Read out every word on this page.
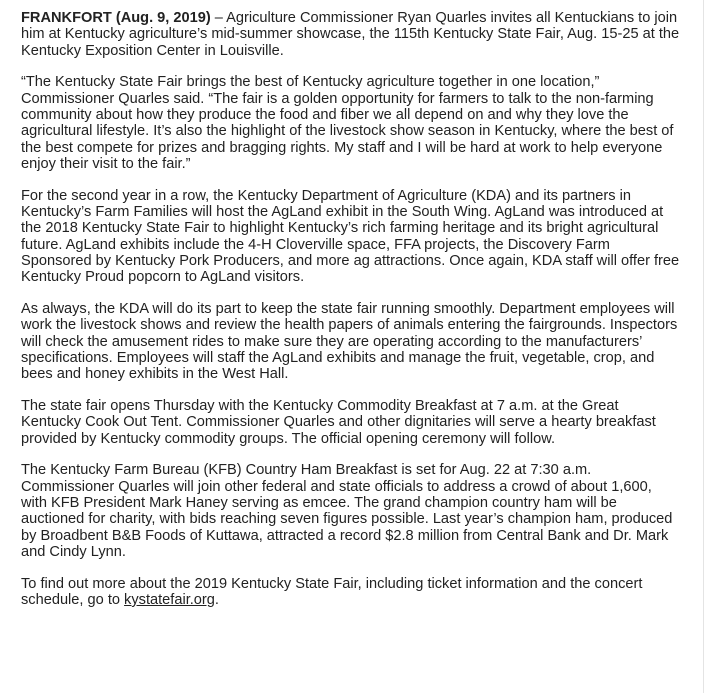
FRANKFORT (Aug. 9, 2019) – Agriculture Commissioner Ryan Quarles invites all Kentuckians to join him at Kentucky agriculture’s mid-summer showcase, the 115th Kentucky State Fair, Aug. 15-25 at the Kentucky Exposition Center in Louisville.

“The Kentucky State Fair brings the best of Kentucky agriculture together in one location,” Commissioner Quarles said. “The fair is a golden opportunity for farmers to talk to the non-farming community about how they produce the food and fiber we all depend on and why they love the agricultural lifestyle. It’s also the highlight of the livestock show season in Kentucky, where the best of the best compete for prizes and bragging rights. My staff and I will be hard at work to help everyone enjoy their visit to the fair.”

For the second year in a row, the Kentucky Department of Agriculture (KDA) and its partners in Kentucky’s Farm Families will host the AgLand exhibit in the South Wing. AgLand was introduced at the 2018 Kentucky State Fair to highlight Kentucky’s rich farming heritage and its bright agricultural future. AgLand exhibits include the 4-H Cloverville space, FFA projects, the Discovery Farm Sponsored by Kentucky Pork Producers, and more ag attractions. Once again, KDA staff will offer free Kentucky Proud popcorn to AgLand visitors.

As always, the KDA will do its part to keep the state fair running smoothly. Department employees will work the livestock shows and review the health papers of animals entering the fairgrounds. Inspectors will check the amusement rides to make sure they are operating according to the manufacturers’ specifications. Employees will staff the AgLand exhibits and manage the fruit, vegetable, crop, and bees and honey exhibits in the West Hall.

The state fair opens Thursday with the Kentucky Commodity Breakfast at 7 a.m. at the Great Kentucky Cook Out Tent. Commissioner Quarles and other dignitaries will serve a hearty breakfast provided by Kentucky commodity groups. The official opening ceremony will follow.

The Kentucky Farm Bureau (KFB) Country Ham Breakfast is set for Aug. 22 at 7:30 a.m. Commissioner Quarles will join other federal and state officials to address a crowd of about 1,600, with KFB President Mark Haney serving as emcee. The grand champion country ham will be auctioned for charity, with bids reaching seven figures possible. Last year’s champion ham, produced by Broadbent B&B Foods of Kuttawa, attracted a record $2.8 million from Central Bank and Dr. Mark and Cindy Lynn.

To find out more about the 2019 Kentucky State Fair, including ticket information and the concert schedule, go to kystatefair.org.
